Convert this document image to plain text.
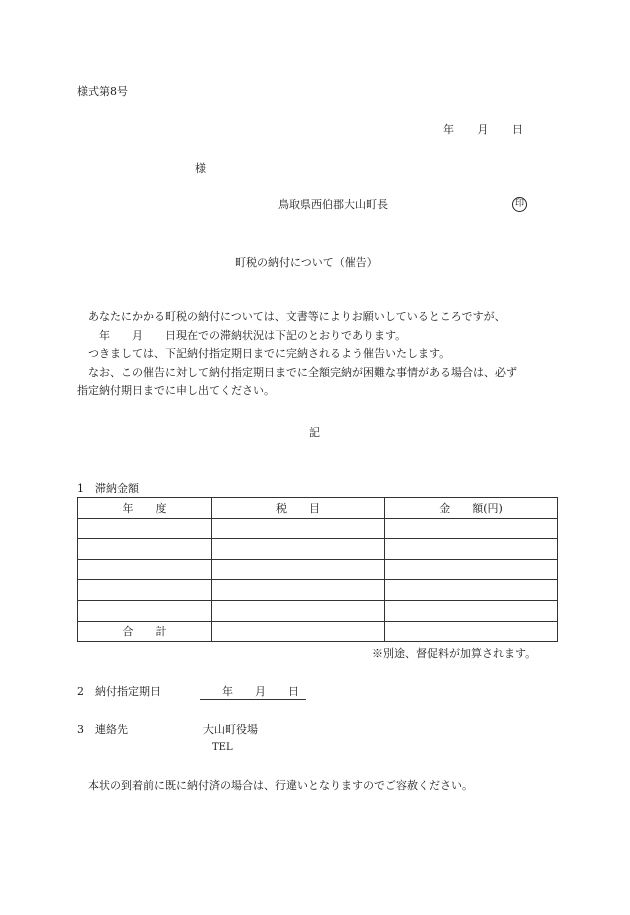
様式第8号
年　　月　　日
様
鳥取県西伯郡大山町長	印
町税の納付について（催告）
　あなたにかかる町税の納付については、文書等によりお願いしているところですが、
　　年　　月　　日現在での滞納状況は下記のとおりであります。
　つきましては、下記納付指定期日までに完納されるよう催告いたします。
　なお、この催告に対して納付指定期日までに全額完納が困難な事情がある場合は、必ず
指定納付期日までに申し出てください。
記
1　滞納金額
年　　度	税　　目	金　　額(円)

合　　計		
※別途、督促料が加算されます。
2　納付指定期日	　　年　　月　　日
3　連絡先	大山町役場
TEL
　本状の到着前に既に納付済の場合は、行違いとなりますのでご容赦ください。
